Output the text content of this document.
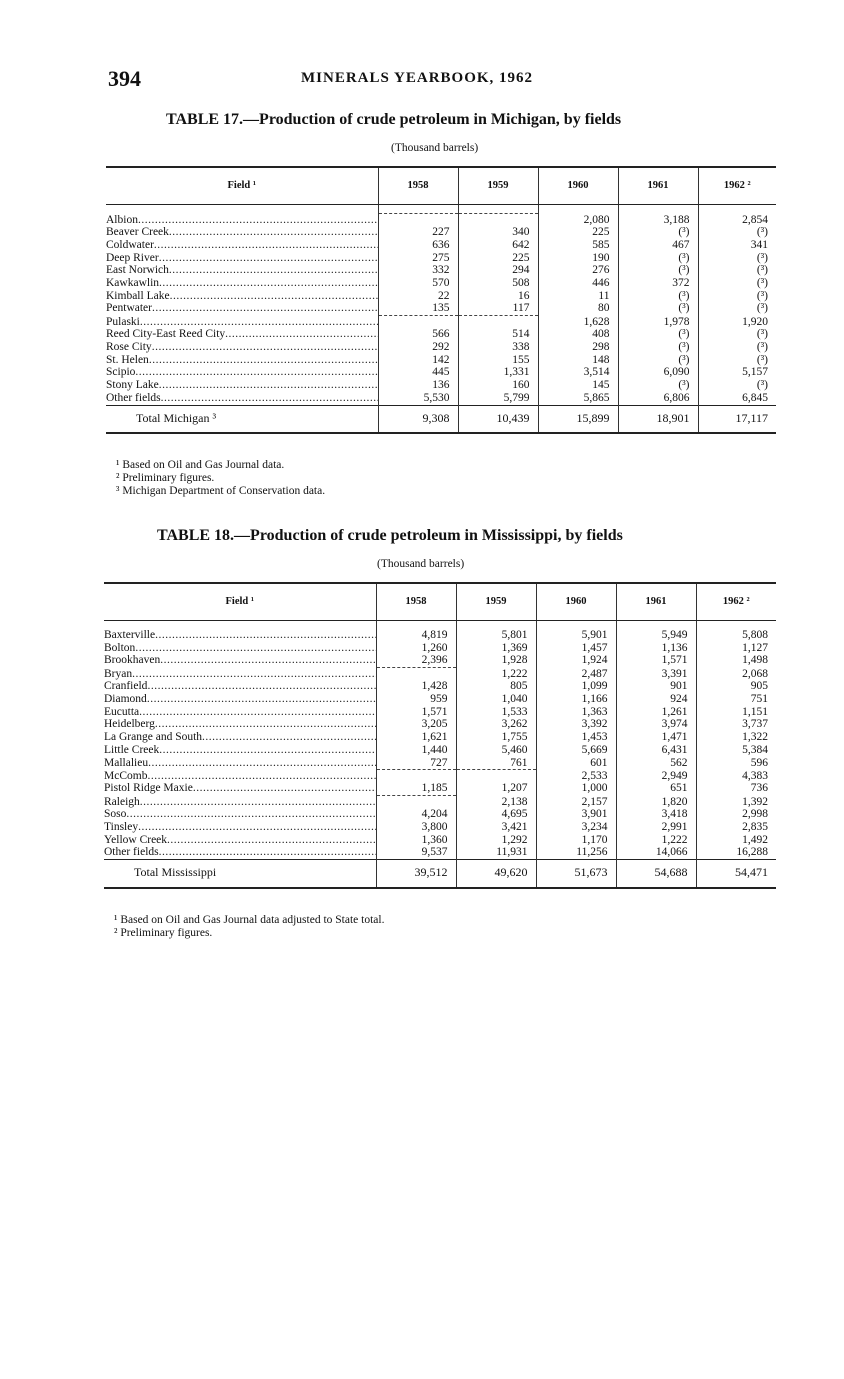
394	MINERALS YEARBOOK, 1962
TABLE 17.—Production of crude petroleum in Michigan, by fields
(Thousand barrels)
Field ¹	1958	1959	1960	1961	1962 ²

Albion .....			2,080	3,188	2,854
Beaver Creek .....	227	340	225	(³)	(³)
Coldwater .....	636	642	585	467	341
Deep River .....	275	225	190	(³)	(³)
East Norwich .....	332	294	276	(³)	(³)
Kawkawlin .....	570	508	446	372	(³)
Kimball Lake .....	22	16	11	(³)	(³)
Pentwater .....	135	117	80	(³)	(³)
Pulaski .....			1,628	1,978	1,920
Reed City-East Reed City .....	566	514	408	(³)	(³)
Rose City .....	292	338	298	(³)	(³)
St. Helen .....	142	155	148	(³)	(³)
Scipio .....	445	1,331	3,514	6,090	5,157
Stony Lake .....	136	160	145	(³)	(³)
Other fields .....	5,530	5,799	5,865	6,806	6,845
Total Michigan ³	9,308	10,439	15,899	18,901	17,117
¹ Based on Oil and Gas Journal data.
² Preliminary figures.
³ Michigan Department of Conservation data.
TABLE 18.—Production of crude petroleum in Mississippi, by fields
(Thousand barrels)
Field ¹	1958	1959	1960	1961	1962 ²

Baxterville .....	4,819	5,801	5,901	5,949	5,808
Bolton .....	1,260	1,369	1,457	1,136	1,127
Brookhaven .....	2,396	1,928	1,924	1,571	1,498
Bryan .....		1,222	2,487	3,391	2,068
Cranfield .....	1,428	805	1,099	901	905
Diamond .....	959	1,040	1,166	924	751
Eucutta .....	1,571	1,533	1,363	1,261	1,151
Heidelberg .....	3,205	3,262	3,392	3,974	3,737
La Grange and South .....	1,621	1,755	1,453	1,471	1,322
Little Creek .....	1,440	5,460	5,669	6,431	5,384
Mallalieu .....	727	761	601	562	596
McComb .....			2,533	2,949	4,383
Pistol Ridge Maxie .....	1,185	1,207	1,000	651	736
Raleigh .....		2,138	2,157	1,820	1,392
Soso .....	4,204	4,695	3,901	3,418	2,998
Tinsley .....	3,800	3,421	3,234	2,991	2,835
Yellow Creek .....	1,360	1,292	1,170	1,222	1,492
Other fields .....	9,537	11,931	11,256	14,066	16,288
Total Mississippi	39,512	49,620	51,673	54,688	54,471
¹ Based on Oil and Gas Journal data adjusted to State total.
² Preliminary figures.
